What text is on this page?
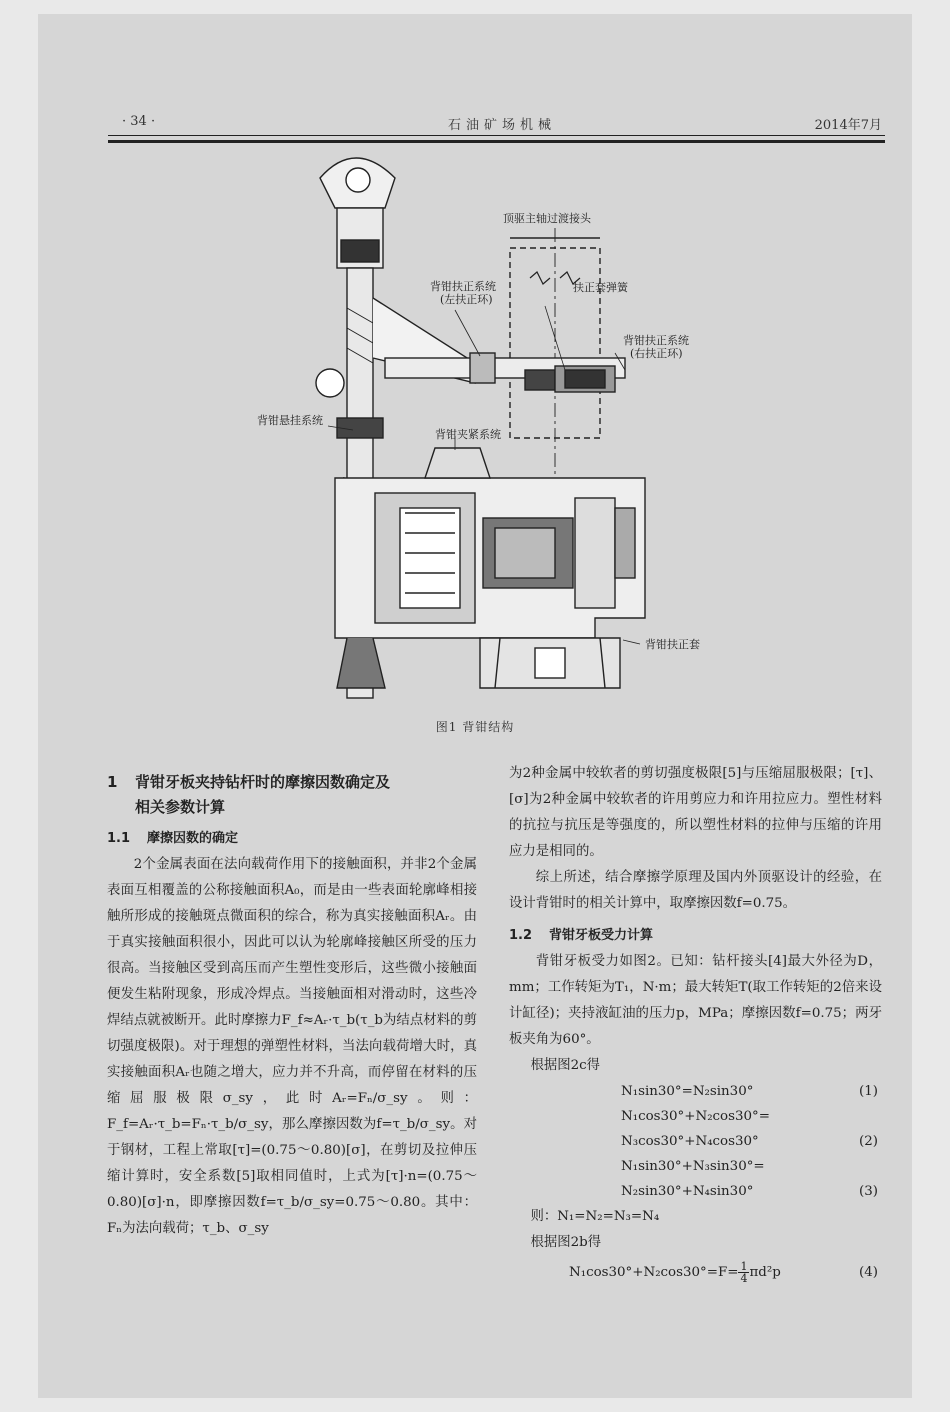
· 34 ·	石油矿场机械	2014年7月
顶驱主轴过渡接头
背钳扶正系统
(左扶正环)
扶正套弹簧
背钳扶正系统
(右扶正环)
背钳悬挂系统
背钳夹紧系统
背钳扶正套
图1 背钳结构
1 背钳牙板夹持钻杆时的摩擦因数确定及
相关参数计算
1.1 摩擦因数的确定

2个金属表面在法向载荷作用下的接触面积，并非2个金属表面互相覆盖的公称接触面积A₀，而是由一些表面轮廓峰相接触所形成的接触斑点微面积的综合，称为真实接触面积Aᵣ。由于真实接触面积很小，因此可以认为轮廓峰接触区所受的压力很高。当接触区受到高压而产生塑性变形后，这些微小接触面便发生粘附现象，形成冷焊点。当接触面相对滑动时，这些冷焊结点就被断开。此时摩擦力F_f≈Aᵣ·τ_b(τ_b为结点材料的剪切强度极限)。对于理想的弹塑性材料，当法向载荷增大时，真实接触面积Aᵣ也随之增大，应力并不升高，而停留在材料的压缩屈服极限σ_sy，此时Aᵣ=Fₙ/σ_sy。则：F_f=Aᵣ·τ_b=Fₙ·τ_b/σ_sy，那么摩擦因数为f=τ_b/σ_sy。对于钢材，工程上常取[τ]=(0.75～0.80)[σ]，在剪切及拉伸压缩计算时，安全系数[5]取相同值时，上式为[τ]·n=(0.75～0.80)[σ]·n，即摩擦因数f=τ_b/σ_sy=0.75～0.80。其中：Fₙ为法向载荷；τ_b、σ_sy

为2种金属中较软者的剪切强度极限[5]与压缩屈服极限；[τ]、[σ]为2种金属中较软者的许用剪应力和许用拉应力。塑性材料的抗拉与抗压是等强度的，所以塑性材料的拉伸与压缩的许用应力是相同的。

综上所述，结合摩擦学原理及国内外顶驱设计的经验，在设计背钳时的相关计算中，取摩擦因数f=0.75。

1.2 背钳牙板受力计算

背钳牙板受力如图2。已知：钻杆接头[4]最大外径为D，mm；工作转矩为T₁，N·m；最大转矩T(取工作转矩的2倍来设计缸径)；夹持液缸油的压力p，MPa；摩擦因数f=0.75；两牙板夹角为60°。

根据图2c得

N₁sin30°=N₂sin30°	(1)
N₁cos30°+N₂cos30°=
N₃cos30°+N₄cos30°	(2)
N₁sin30°+N₃sin30°=
N₂sin30°+N₄sin30°	(3)

则：N₁=N₂=N₃=N₄

根据图2b得

$N_1\cos 30^\circ+N_2\cos 30^\circ=F= \frac{1}{4} \pi d^2p$	(4)
